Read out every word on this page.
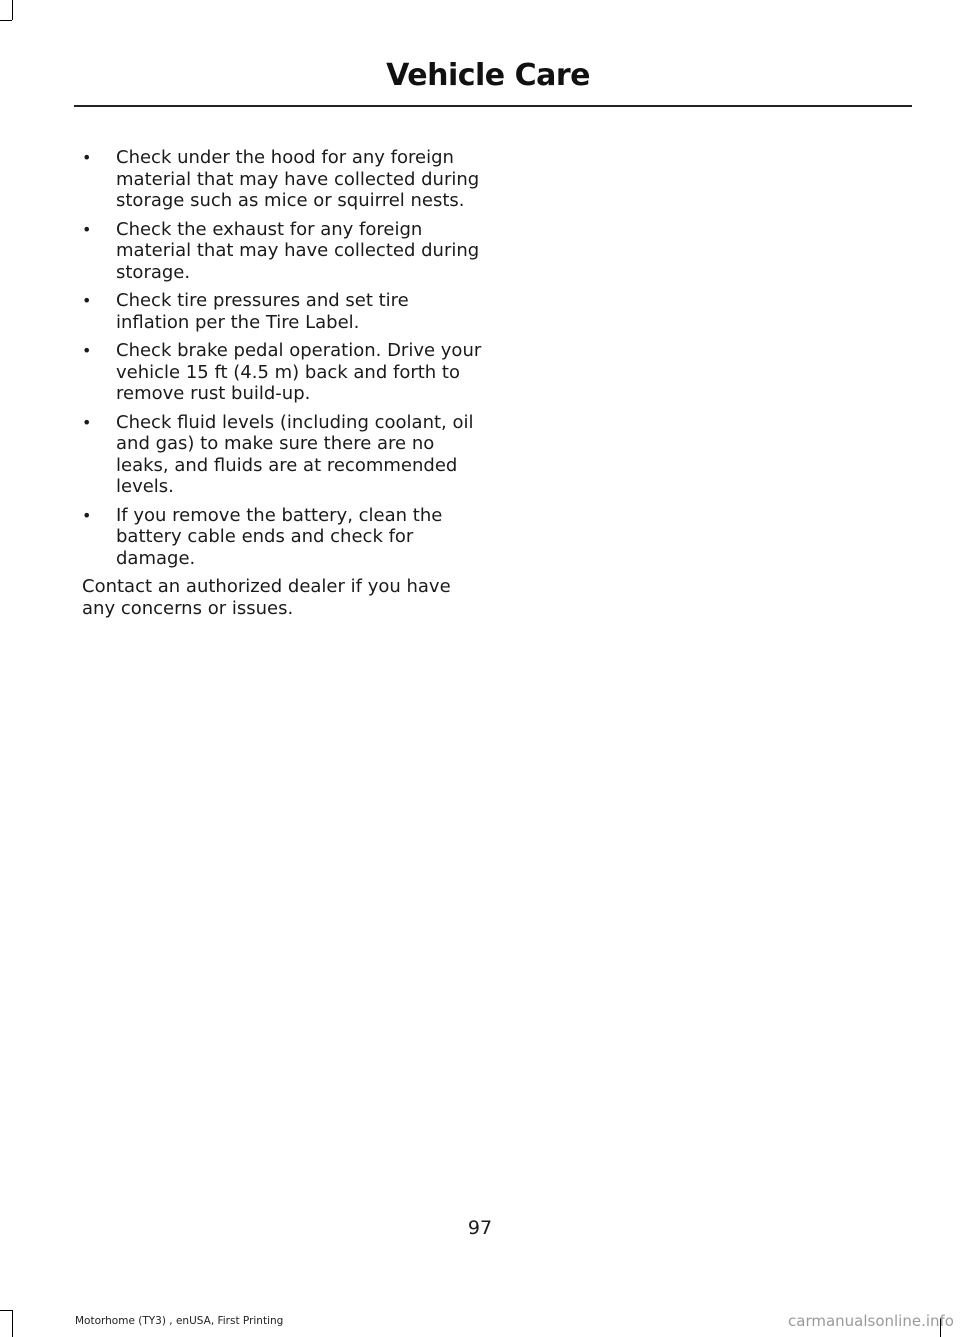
Vehicle Care
• Check under the hood for any foreign material that may have collected during storage such as mice or squirrel nests.
• Check the exhaust for any foreign material that may have collected during storage.
• Check tire pressures and set tire inflation per the Tire Label.
• Check brake pedal operation. Drive your vehicle 15 ft (4.5 m) back and forth to remove rust build-up.
• Check fluid levels (including coolant, oil and gas) to make sure there are no leaks, and fluids are at recommended levels.
• If you remove the battery, clean the battery cable ends and check for damage.

Contact an authorized dealer if you have any concerns or issues.

97
Motorhome (TY3) , enUSA, First Printing	carmanualsonline.info
